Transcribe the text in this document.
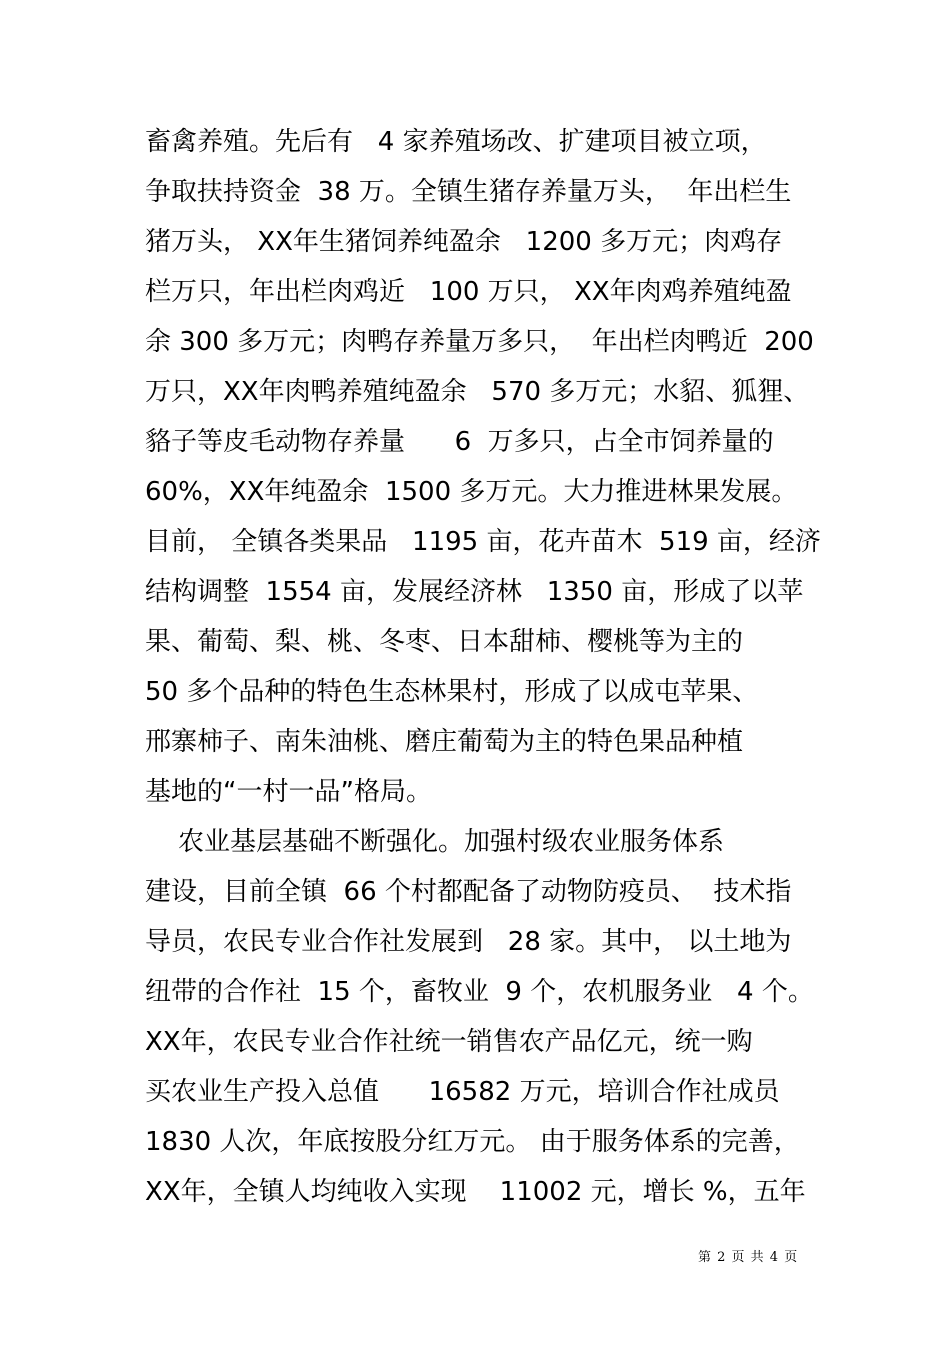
畜禽养殖。先后有   4 家养殖场改、扩建项目被立项，
争取扶持资金  38 万。全镇生猪存养量万头，  年出栏生
猪万头， XX年生猪饲养纯盈余   1200 多万元；肉鸡存
栏万只，年出栏肉鸡近   100 万只， XX年肉鸡养殖纯盈
余 300 多万元；肉鸭存养量万多只，  年出栏肉鸭近  200
万只，XX年肉鸭养殖纯盈余   570 多万元；水貂、狐狸、
貉子等皮毛动物存养量      6  万多只，占全市饲养量的
60%，XX年纯盈余  1500 多万元。大力推进林果发展。
目前， 全镇各类果品   1195 亩，花卉苗木  519 亩，经济
结构调整  1554 亩，发展经济林   1350 亩，形成了以苹
果、葡萄、梨、桃、冬枣、日本甜柿、樱桃等为主的
50 多个品种的特色生态林果村，形成了以成屯苹果、
邢寨柿子、南朱油桃、磨庄葡萄为主的特色果品种植
基地的“一村一品”格局。
农业基层基础不断强化。加强村级农业服务体系
建设，目前全镇  66 个村都配备了动物防疫员、  技术指
导员，农民专业合作社发展到   28 家。其中， 以土地为
纽带的合作社  15 个，畜牧业  9 个，农机服务业   4 个。
XX年，农民专业合作社统一销售农产品亿元，统一购
买农业生产投入总值      16582 万元，培训合作社成员
1830 人次，年底按股分红万元。 由于服务体系的完善，
XX年，全镇人均纯收入实现    11002 元，增长 %，五年
第 2 页 共 4 页
